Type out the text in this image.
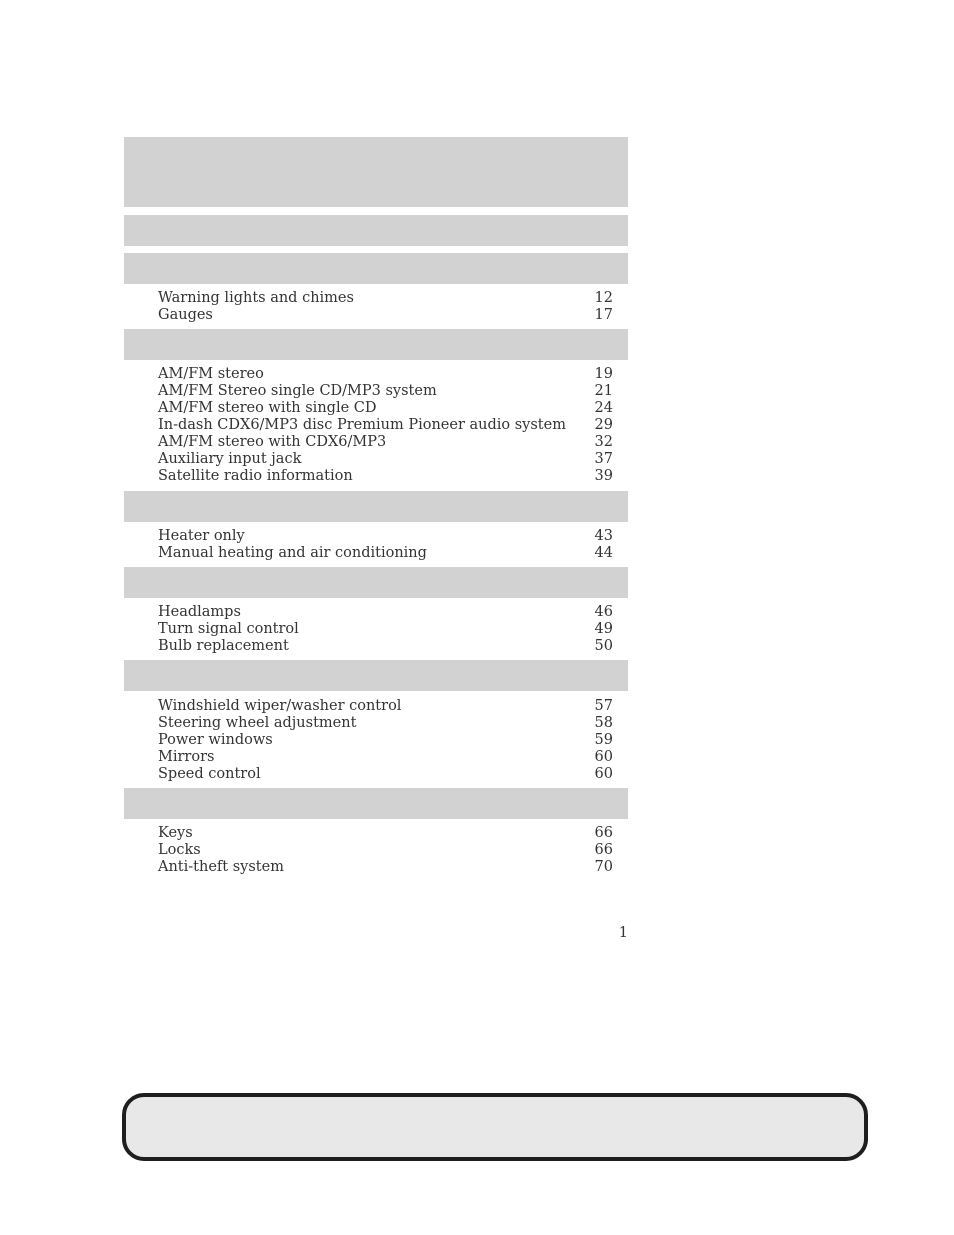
Warning lights and chimes	12
Gauges	17
AM/FM stereo	19
AM/FM Stereo single CD/MP3 system	21
AM/FM stereo with single CD	24
In-dash CDX6/MP3 disc Premium Pioneer audio system 29
AM/FM stereo with CDX6/MP3	32
Auxiliary input jack	37
Satellite radio information	39
Heater only	43
Manual heating and air conditioning	44
Headlamps	46
Turn signal control	49
Bulb replacement	50
Windshield wiper/washer control	57
Steering wheel adjustment	58
Power windows	59
Mirrors	60
Speed control	60
Keys	66
Locks	66
Anti-theft system	70
1
